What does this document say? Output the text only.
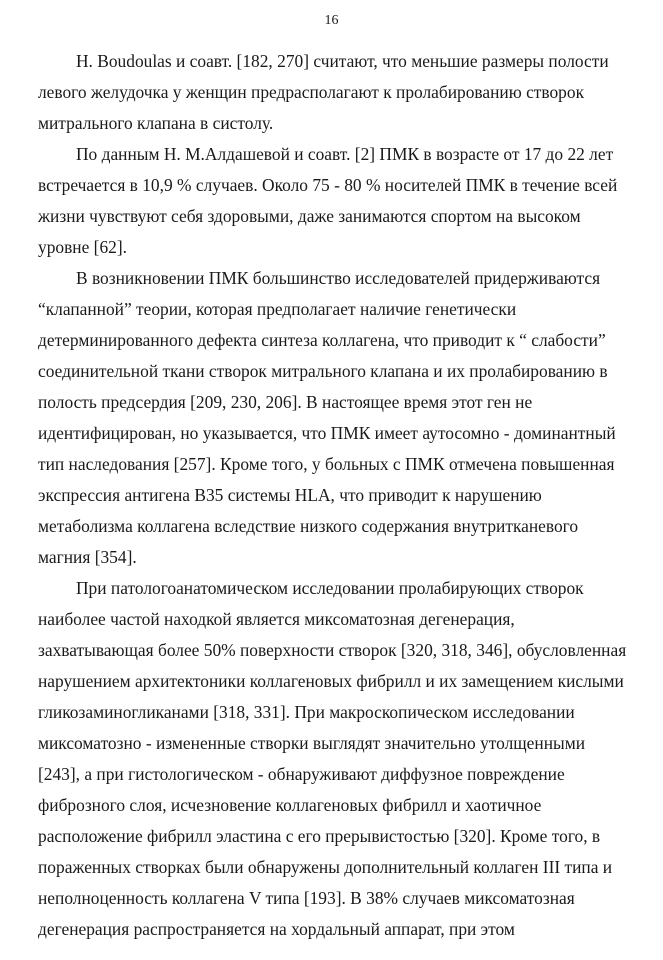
16

Н. Boudoulas и соавт. [182, 270] считают, что меньшие размеры полости
левого желудочка у женщин предрасполагают к пролабированию створок
митрального клапана в систолу.

По данным Н. М.Алдашевой и соавт. [2] ПМК в возрасте от 17 до 22 лет
встречается в 10,9 % случаев. Около 75 - 80 % носителей ПМК в течение всей
жизни чувствуют себя здоровыми, даже занимаются спортом на высоком
уровне [62].

В возникновении ПМК большинство исследователей придерживаются
“клапанной” теории, которая предполагает наличие генетически
детерминированного дефекта синтеза коллагена, что приводит к “ слабости”
соединительной ткани створок митрального клапана и их пролабированию в
полость предсердия [209, 230, 206]. В настоящее время этот ген не
идентифицирован, но указывается, что ПМК имеет аутосомно - доминантный
тип наследования [257]. Кроме того, у больных с ПМК отмечена повышенная
экспрессия антигена В35 системы HLA, что приводит к нарушению
метаболизма коллагена вследствие низкого содержания внутритканевого
магния [354].

При патологоанатомическом исследовании пролабирующих створок
наиболее частой находкой является миксоматозная дегенерация,
захватывающая более 50% поверхности створок [320, 318, 346], обусловленная
нарушением архитектоники коллагеновых фибрилл и их замещением кислыми
гликозаминогликанами [318, 331]. При макроскопическом исследовании
миксоматозно - измененные створки выглядят значительно утолщенными
[243], а при гистологическом - обнаруживают диффузное повреждение
фиброзного слоя, исчезновение коллагеновых фибрилл и хаотичное
расположение фибрилл эластина с его прерывистостью [320]. Кроме того, в
пораженных створках были обнаружены дополнительный коллаген III типа и
неполноценность коллагена V типа [193]. В 38% случаев миксоматозная
дегенерация распространяется на хордальный аппарат, при этом
